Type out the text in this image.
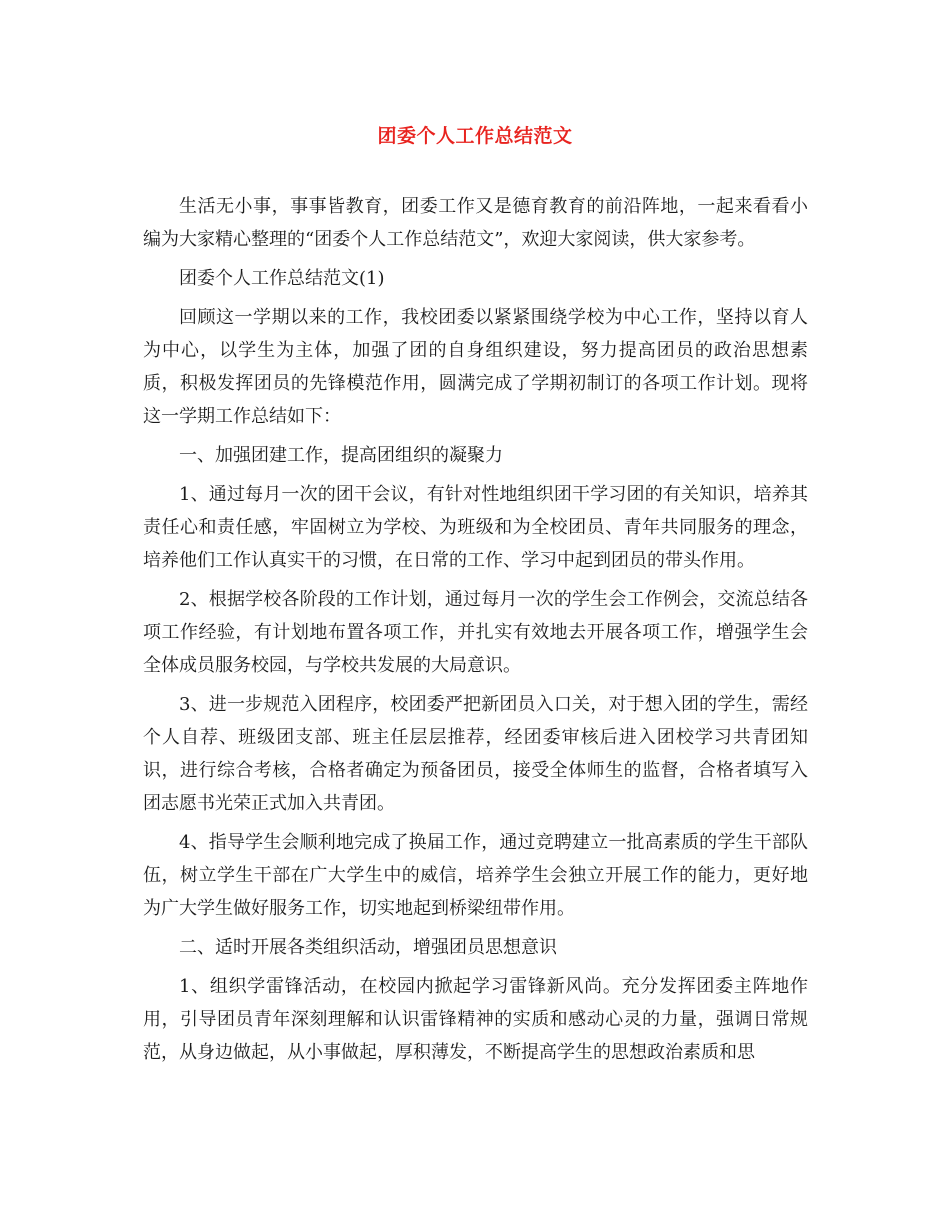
团委个人工作总结范文

生活无小事，事事皆教育，团委工作又是德育教育的前沿阵地，一起来看看小编为大家精心整理的“团委个人工作总结范文”，欢迎大家阅读，供大家参考。

团委个人工作总结范文(1)

回顾这一学期以来的工作，我校团委以紧紧围绕学校为中心工作，坚持以育人为中心，以学生为主体，加强了团的自身组织建设，努力提高团员的政治思想素质，积极发挥团员的先锋模范作用，圆满完成了学期初制订的各项工作计划。现将这一学期工作总结如下：

一、加强团建工作，提高团组织的凝聚力

1、通过每月一次的团干会议，有针对性地组织团干学习团的有关知识，培养其责任心和责任感，牢固树立为学校、为班级和为全校团员、青年共同服务的理念，培养他们工作认真实干的习惯，在日常的工作、学习中起到团员的带头作用。

2、根据学校各阶段的工作计划，通过每月一次的学生会工作例会，交流总结各项工作经验，有计划地布置各项工作，并扎实有效地去开展各项工作，增强学生会全体成员服务校园，与学校共发展的大局意识。

3、进一步规范入团程序，校团委严把新团员入口关，对于想入团的学生，需经个人自荐、班级团支部、班主任层层推荐，经团委审核后进入团校学习共青团知识，进行综合考核，合格者确定为预备团员，接受全体师生的监督，合格者填写入团志愿书光荣正式加入共青团。

4、指导学生会顺利地完成了换届工作，通过竞聘建立一批高素质的学生干部队伍，树立学生干部在广大学生中的威信，培养学生会独立开展工作的能力，更好地为广大学生做好服务工作，切实地起到桥梁纽带作用。

二、适时开展各类组织活动，增强团员思想意识

1、组织学雷锋活动，在校园内掀起学习雷锋新风尚。充分发挥团委主阵地作用，引导团员青年深刻理解和认识雷锋精神的实质和感动心灵的力量，强调日常规范，从身边做起，从小事做起，厚积薄发，不断提高学生的思想政治素质和思
